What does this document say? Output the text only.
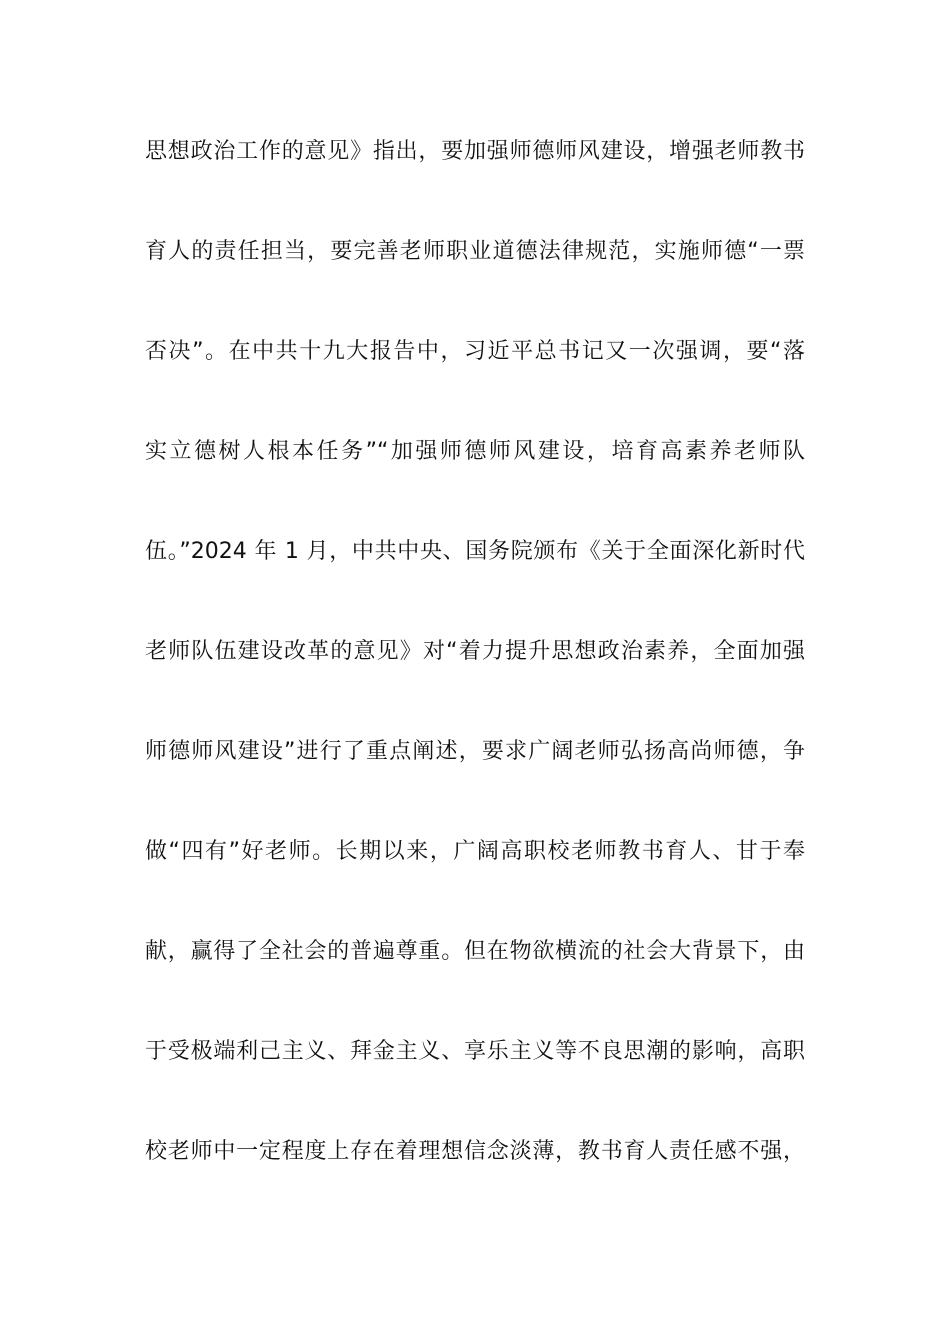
思想政治工作的意见》指出，要加强师德师风建设，增强老师教书
育人的责任担当，要完善老师职业道德法律规范，实施师德“一票
否决”。在中共十九大报告中，习近平总书记又一次强调，要“落
实立德树人根本任务”“加强师德师风建设，培育高素养老师队
伍。”2024 年 1 月，中共中央、国务院颁布《关于全面深化新时代
老师队伍建设改革的意见》对“着力提升思想政治素养，全面加强
师德师风建设”进行了重点阐述，要求广阔老师弘扬高尚师德，争
做“四有”好老师。长期以来，广阔高职校老师教书育人、甘于奉
献，赢得了全社会的普遍尊重。但在物欲横流的社会大背景下，由
于受极端利己主义、拜金主义、享乐主义等不良思潮的影响，高职
校老师中一定程度上存在着理想信念淡薄，教书育人责任感不强，
